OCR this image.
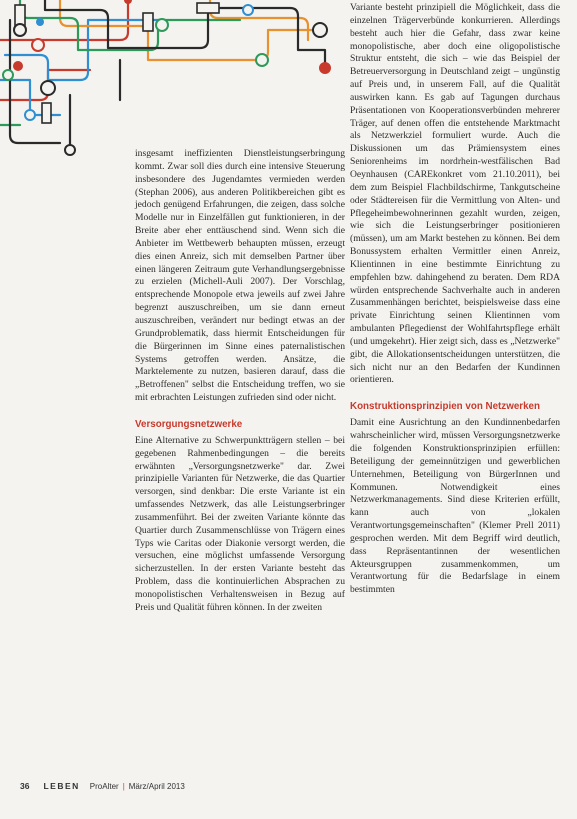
insgesamt ineffizienten Dienstleistungserbringung kommt. Zwar soll dies durch eine intensive Steuerung insbesondere des Jugendamtes vermieden werden (Stephan 2006), aus anderen Politikbereichen gibt es jedoch genügend Erfahrungen, die zeigen, dass solche Modelle nur in Einzelfällen gut funktionieren, in der Breite aber eher enttäuschend sind. Wenn sich die Anbieter im Wettbewerb behaupten müssen, erzeugt dies einen Anreiz, sich mit demselben Partner über einen längeren Zeitraum gute Verhandlungsergebnisse zu erzielen (Michell-Auli 2007). Der Vorschlag, entsprechende Monopole etwa jeweils auf zwei Jahre begrenzt auszuschreiben, um sie dann erneut auszuschreiben, verändert nur bedingt etwas an der Grundproblematik, dass hiermit Entscheidungen für die Bürgerinnen im Sinne eines paternalistischen Systems getroffen werden. Ansätze, die Marktelemente zu nutzen, basieren darauf, dass die „Betroffenen" selbst die Entscheidung treffen, wo sie mit erbrachten Leistungen zufrieden sind oder nicht.

Versorgungsnetzwerke

Eine Alternative zu Schwerpunktträgern stellen – bei gegebenen Rahmenbedingungen – die bereits erwähnten „Versorgungsnetzwerke" dar. Zwei prinzipielle Varianten für Netzwerke, die das Quartier versorgen, sind denkbar: Die erste Variante ist ein umfassendes Netzwerk, das alle Leistungserbringer zusammenführt. Bei der zweiten Variante könnte das Quartier durch Zusammenschlüsse von Trägern eines Typs wie Caritas oder Diakonie versorgt werden, die versuchen, eine möglichst umfassende Versorgung sicherzustellen. In der ersten Variante besteht das Problem, dass die kontinuierlichen Absprachen zu monopolistischen Verhaltensweisen in Bezug auf Preis und Qualität führen können. In der zweiten

Variante besteht prinzipiell die Möglichkeit, dass die einzelnen Trägerverbünde konkurrieren. Allerdings besteht auch hier die Gefahr, dass zwar keine monopolistische, aber doch eine oligopolistische Struktur entsteht, die sich – wie das Beispiel der Betreuerversorgung in Deutschland zeigt – ungünstig auf Preis und, in unserem Fall, auf die Qualität auswirken kann. Es gab auf Tagungen durchaus Präsentationen von Kooperationsverbünden mehrerer Träger, auf denen offen die entstehende Marktmacht als Netzwerkziel formuliert wurde. Auch die Diskussionen um das Prämiensystem eines Seniorenheims im nordrhein-westfälischen Bad Oeynhausen (CAREkonkret vom 21.10.2011), bei dem zum Beispiel Flachbildschirme, Tankgutscheine oder Städtereisen für die Vermittlung von Alten- und Pflegeheimbewohnerinnen gezahlt wurden, zeigen, wie sich die Leistungserbringer positionieren (müssen), um am Markt bestehen zu können. Bei dem Bonussystem erhalten Vermittler einen Anreiz, Klientinnen in eine bestimmte Einrichtung zu empfehlen bzw. dahingehend zu beraten. Dem RDA würden entsprechende Sachverhalte auch in anderen Zusammenhängen berichtet, beispielsweise dass eine private Einrichtung seinen Klientinnen vom ambulanten Pflegedienst der Wohlfahrtspflege erhält (und umgekehrt). Hier zeigt sich, dass es „Netzwerke" gibt, die Allokationsentscheidungen unterstützen, die sich nicht nur an den Bedarfen der Kundinnen orientieren.

Konstruktionsprinzipien von Netzwerken

Damit eine Ausrichtung an den Kundinnenbedarfen wahrscheinlicher wird, müssen Versorgungsnetzwerke die folgenden Konstruktionsprinzipien erfüllen: Beteiligung der gemeinnützigen und gewerblichen Unternehmen, Beteiligung von BürgerInnen und Kommunen. Notwendigkeit eines Netzwerkmanagements. Sind diese Kriterien erfüllt, kann auch von „lokalen Verantwortungsgemeinschaften" (Klemer Prell 2011) gesprochen werden. Mit dem Begriff wird deutlich, dass Repräsentantinnen der wesentlichen Akteursgruppen zusammenkommen, um Verantwortung für die Bedarfslage in einem bestimmten

36 LEBEN ProAlter | März/April 2013
